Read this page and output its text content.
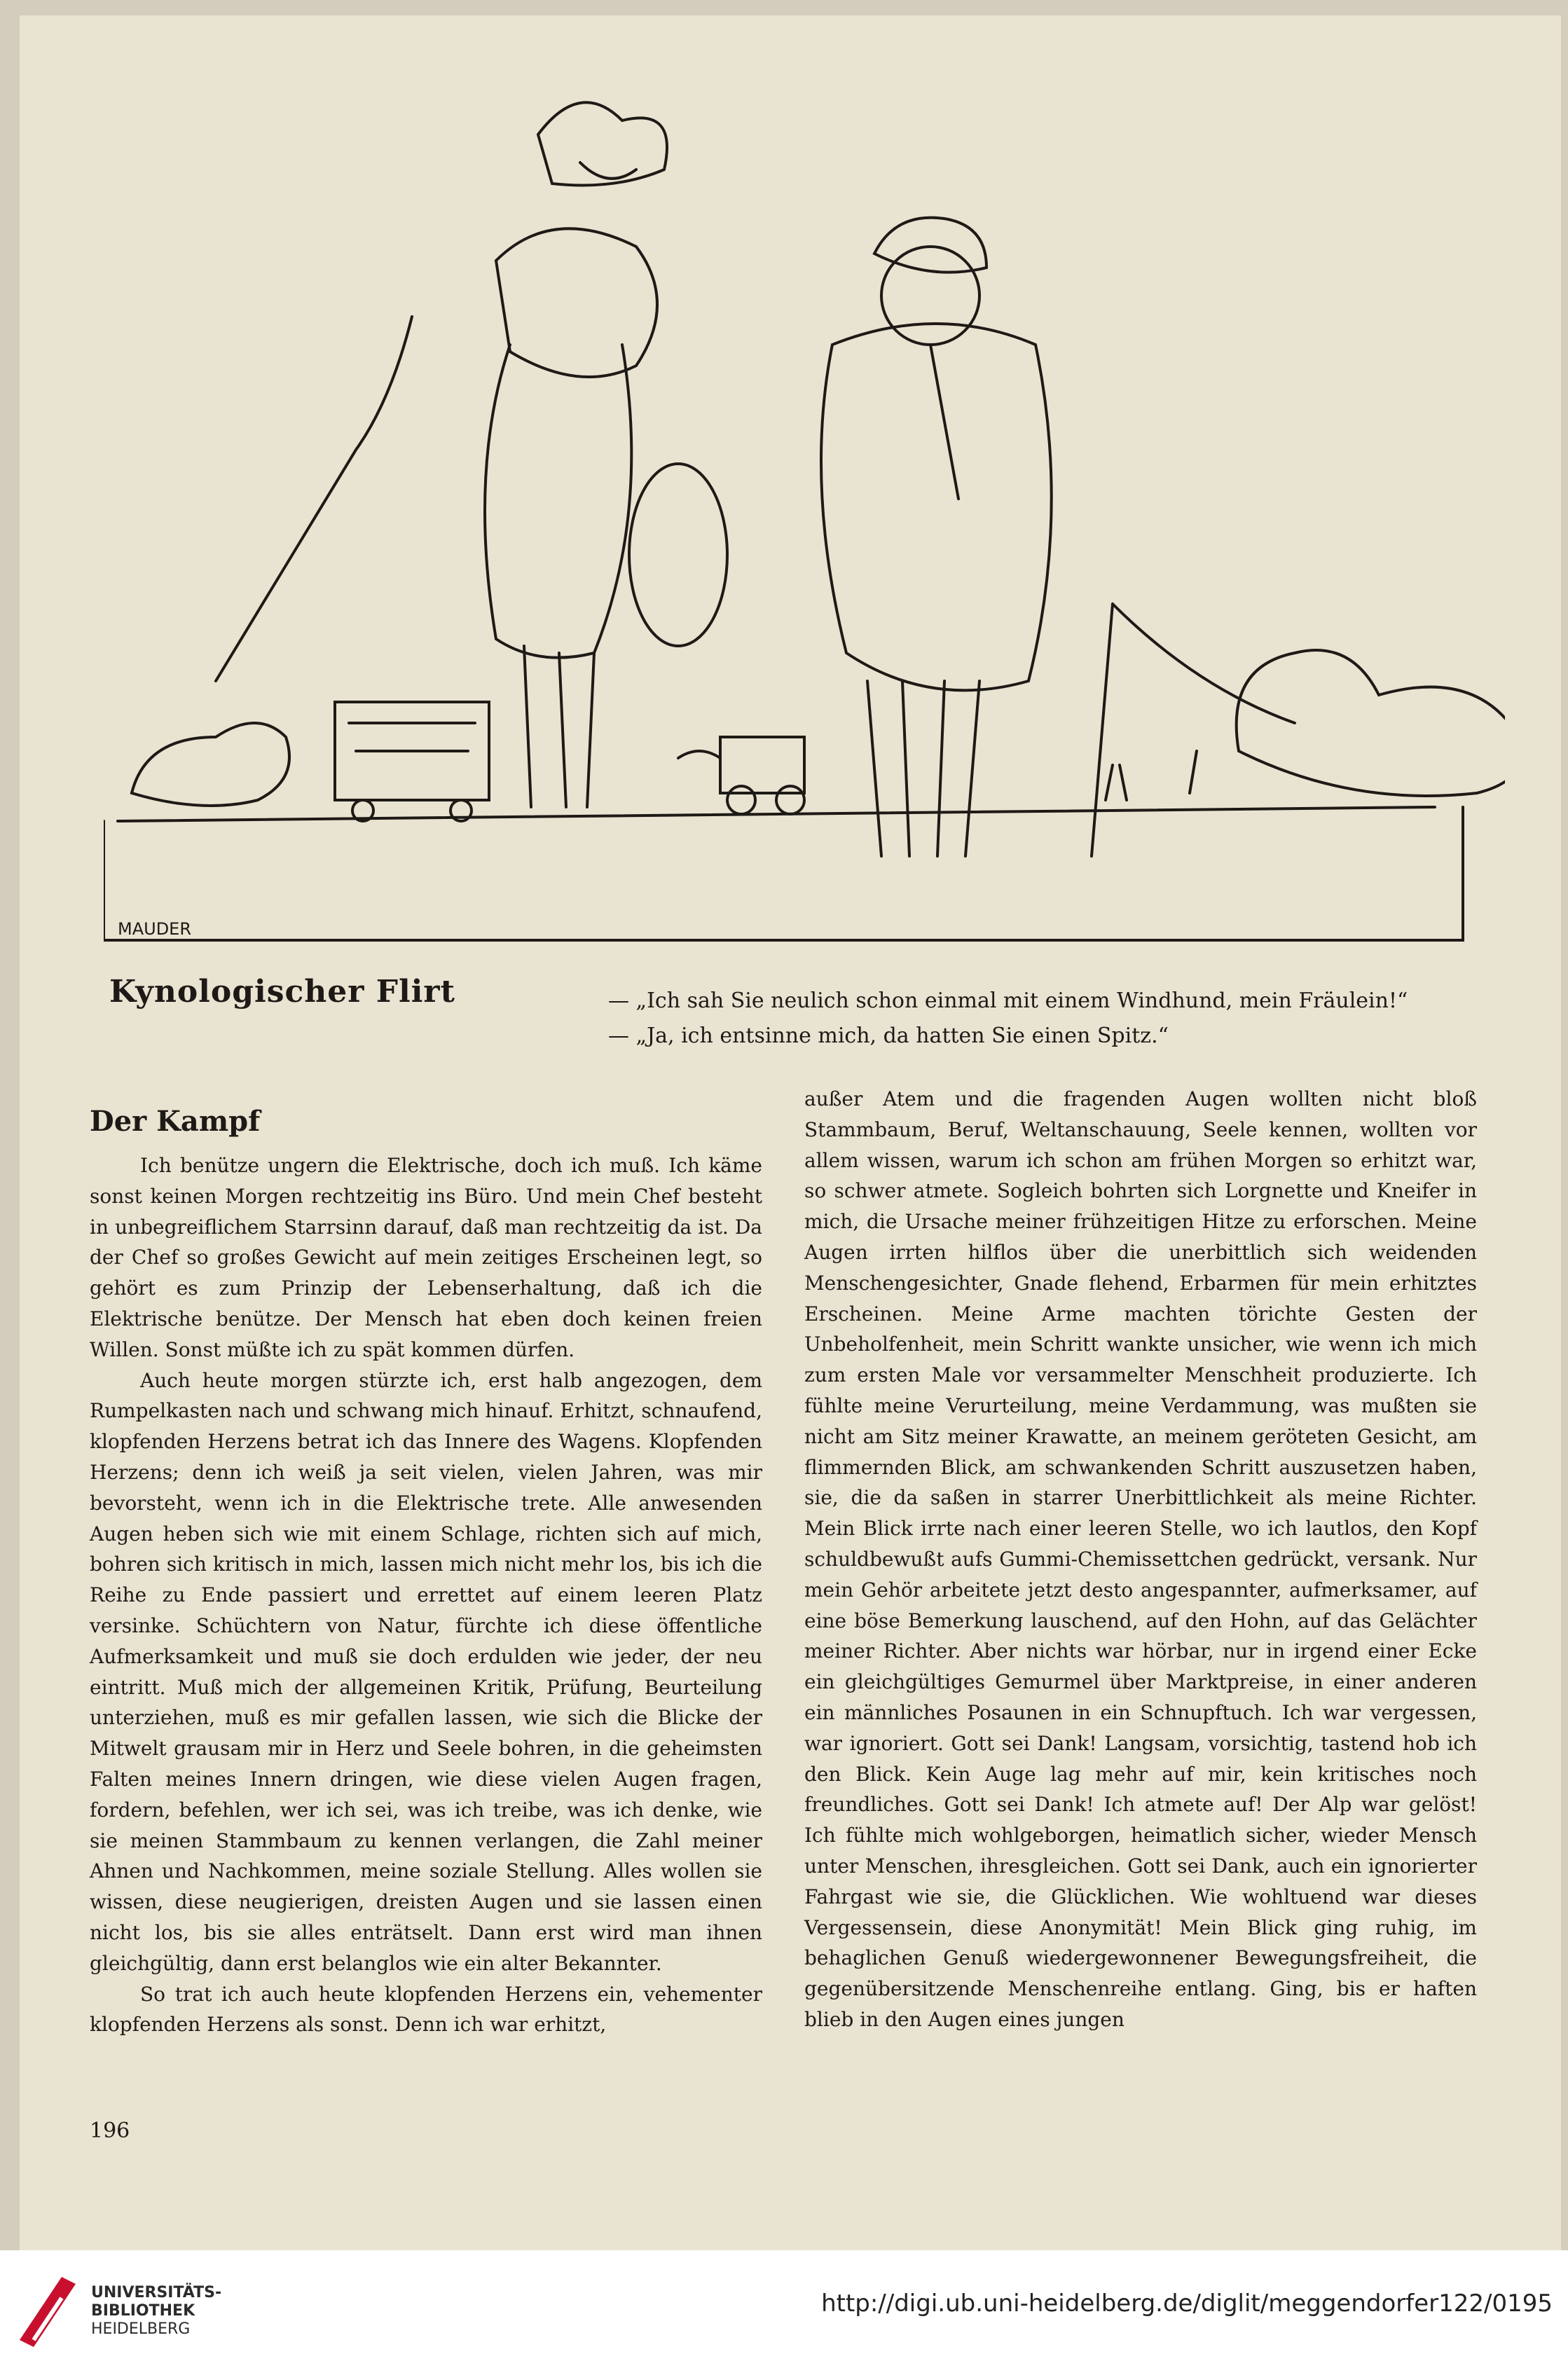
MAUDER
Kynologischer Flirt	— „Ich sah Sie neulich schon einmal mit einem Windhund, mein Fräulein!“
— „Ja, ich entsinne mich, da hatten Sie einen Spitz.“
Der Kampf

Ich benütze ungern die Elektrische, doch ich muß. Ich käme sonst keinen Morgen rechtzeitig ins Büro. Und mein Chef besteht in unbegreiflichem Starrsinn darauf, daß man rechtzeitig da ist. Da der Chef so großes Gewicht auf mein zeitiges Erscheinen legt, so gehört es zum Prinzip der Lebenserhaltung, daß ich die Elektrische benütze. Der Mensch hat eben doch keinen freien Willen. Sonst müßte ich zu spät kommen dürfen.

Auch heute morgen stürzte ich, erst halb angezogen, dem Rumpelkasten nach und schwang mich hinauf. Erhitzt, schnaufend, klopfenden Herzens betrat ich das Innere des Wagens. Klopfenden Herzens; denn ich weiß ja seit vielen, vielen Jahren, was mir bevorsteht, wenn ich in die Elektrische trete. Alle anwesenden Augen heben sich wie mit einem Schlage, richten sich auf mich, bohren sich kritisch in mich, lassen mich nicht mehr los, bis ich die Reihe zu Ende passiert und errettet auf einem leeren Platz versinke. Schüchtern von Natur, fürchte ich diese öffentliche Aufmerksamkeit und muß sie doch erdulden wie jeder, der neu eintritt. Muß mich der allgemeinen Kritik, Prüfung, Beurteilung unterziehen, muß es mir gefallen lassen, wie sich die Blicke der Mitwelt grausam mir in Herz und Seele bohren, in die geheimsten Falten meines Innern dringen, wie diese vielen Augen fragen, fordern, befehlen, wer ich sei, was ich treibe, was ich denke, wie sie meinen Stammbaum zu kennen verlangen, die Zahl meiner Ahnen und Nachkommen, meine soziale Stellung. Alles wollen sie wissen, diese neugierigen, dreisten Augen und sie lassen einen nicht los, bis sie alles enträtselt. Dann erst wird man ihnen gleichgültig, dann erst belanglos wie ein alter Bekannter.

So trat ich auch heute klopfenden Herzens ein, vehementer klopfenden Herzens als sonst. Denn ich war erhitzt,

außer Atem und die fragenden Augen wollten nicht bloß Stammbaum, Beruf, Weltanschauung, Seele kennen, wollten vor allem wissen, warum ich schon am frühen Morgen so erhitzt war, so schwer atmete. Sogleich bohrten sich Lorgnette und Kneifer in mich, die Ursache meiner frühzeitigen Hitze zu erforschen. Meine Augen irrten hilflos über die unerbittlich sich weidenden Menschengesichter, Gnade flehend, Erbarmen für mein erhitztes Erscheinen. Meine Arme machten törichte Gesten der Unbeholfenheit, mein Schritt wankte unsicher, wie wenn ich mich zum ersten Male vor versammelter Menschheit produzierte. Ich fühlte meine Verurteilung, meine Verdammung, was mußten sie nicht am Sitz meiner Krawatte, an meinem geröteten Gesicht, am flimmernden Blick, am schwankenden Schritt auszusetzen haben, sie, die da saßen in starrer Unerbittlichkeit als meine Richter. Mein Blick irrte nach einer leeren Stelle, wo ich lautlos, den Kopf schuldbewußt aufs Gummi-Chemissettchen gedrückt, versank. Nur mein Gehör arbeitete jetzt desto angespannter, aufmerksamer, auf eine böse Bemerkung lauschend, auf den Hohn, auf das Gelächter meiner Richter. Aber nichts war hörbar, nur in irgend einer Ecke ein gleichgültiges Gemurmel über Marktpreise, in einer anderen ein männliches Posaunen in ein Schnupftuch. Ich war vergessen, war ignoriert. Gott sei Dank! Langsam, vorsichtig, tastend hob ich den Blick. Kein Auge lag mehr auf mir, kein kritisches noch freundliches. Gott sei Dank! Ich atmete auf! Der Alp war gelöst! Ich fühlte mich wohlgeborgen, heimatlich sicher, wieder Mensch unter Menschen, ihresgleichen. Gott sei Dank, auch ein ignorierter Fahrgast wie sie, die Glücklichen. Wie wohltuend war dieses Vergessensein, diese Anonymität! Mein Blick ging ruhig, im behaglichen Genuß wiedergewonnener Bewegungsfreiheit, die gegenübersitzende Menschenreihe entlang. Ging, bis er haften blieb in den Augen eines jungen

196
UNIVERSITÄTS-
BIBLIOTHEK
HEIDELBERG
http://digi.ub.uni-heidelberg.de/diglit/meggendorfer122/0195
